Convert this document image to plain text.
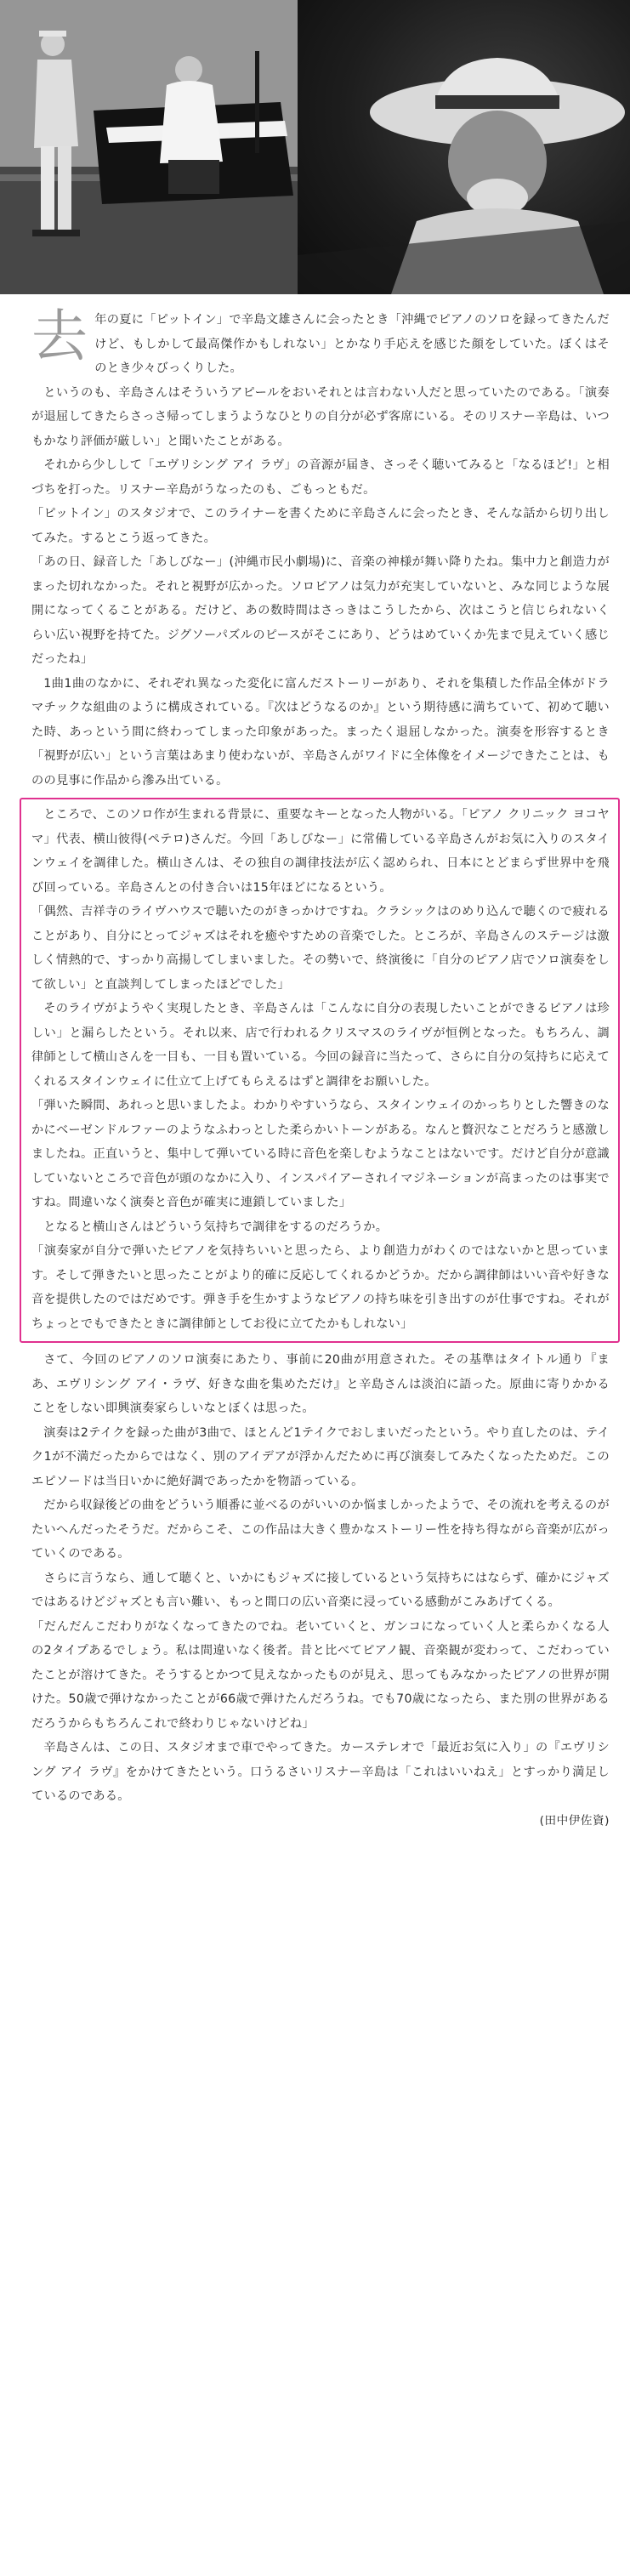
去年の夏に「ピットイン」で辛島文雄さんに会ったとき「沖縄でピアノのソロを録ってきたんだけど、もしかして最高傑作かもしれない」とかなり手応えを感じた顔をしていた。ぼくはそのとき少々びっくりした。

というのも、辛島さんはそういうアピールをおいそれとは言わない人だと思っていたのである。「演奏が退屈してきたらさっさ帰ってしまうようなひとりの自分が必ず客席にいる。そのリスナー辛島は、いつもかなり評価が厳しい」と聞いたことがある。

それから少しして「エヴリシング アイ ラヴ」の音源が届き、さっそく聴いてみると「なるほど!」と相づちを打った。リスナー辛島がうなったのも、ごもっともだ。

「ピットイン」のスタジオで、このライナーを書くために辛島さんに会ったとき、そんな話から切り出してみた。するとこう返ってきた。

「あの日、録音した「あしびなー」(沖縄市民小劇場)に、音楽の神様が舞い降りたね。集中力と創造力がまった切れなかった。それと視野が広かった。ソロピアノは気力が充実していないと、みな同じような展開になってくることがある。だけど、あの数時間はさっきはこうしたから、次はこうと信じられないくらい広い視野を持てた。ジグソーパズルのピースがそこにあり、どうはめていくか先まで見えていく感じだったね」

1曲1曲のなかに、それぞれ異なった変化に富んだストーリーがあり、それを集積した作品全体がドラマチックな組曲のように構成されている。『次はどうなるのか』という期待感に満ちていて、初めて聴いた時、あっという間に終わってしまった印象があった。まったく退屈しなかった。演奏を形容するとき「視野が広い」という言葉はあまり使わないが、辛島さんがワイドに全体像をイメージできたことは、ものの見事に作品から滲み出ている。

ところで、このソロ作が生まれる背景に、重要なキーとなった人物がいる。「ピアノ クリニック ヨコヤマ」代表、横山彼得(ペテロ)さんだ。今回「あしびなー」に常備している辛島さんがお気に入りのスタインウェイを調律した。横山さんは、その独自の調律技法が広く認められ、日本にとどまらず世界中を飛び回っている。辛島さんとの付き合いは15年ほどになるという。

「偶然、吉祥寺のライヴハウスで聴いたのがきっかけですね。クラシックはのめり込んで聴くので疲れることがあり、自分にとってジャズはそれを癒やすための音楽でした。ところが、辛島さんのステージは激しく情熱的で、すっかり高揚してしまいました。その勢いで、終演後に「自分のピアノ店でソロ演奏をして欲しい」と直談判してしまったほどでした」

そのライヴがようやく実現したとき、辛島さんは「こんなに自分の表現したいことができるピアノは珍しい」と漏らしたという。それ以来、店で行われるクリスマスのライヴが恒例となった。もちろん、調律師として横山さんを一目も、一目も置いている。今回の録音に当たって、さらに自分の気持ちに応えてくれるスタインウェイに仕立て上げてもらえるはずと調律をお願いした。

「弾いた瞬間、あれっと思いましたよ。わかりやすいうなら、スタインウェイのかっちりとした響きのなかにベーゼンドルファーのようなふわっとした柔らかいトーンがある。なんと贅沢なことだろうと感激しましたね。正直いうと、集中して弾いている時に音色を楽しむようなことはないです。だけど自分が意識していないところで音色が頭のなかに入り、インスパイアーされイマジネーションが高まったのは事実ですね。間違いなく演奏と音色が確実に連鎖していました」

となると横山さんはどういう気持ちで調律をするのだろうか。

「演奏家が自分で弾いたピアノを気持ちいいと思ったら、より創造力がわくのではないかと思っています。そして弾きたいと思ったことがより的確に反応してくれるかどうか。だから調律師はいい音や好きな音を提供したのではだめです。弾き手を生かすようなピアノの持ち味を引き出すのが仕事ですね。それがちょっとでもできたときに調律師としてお役に立てたかもしれない」

さて、今回のピアノのソロ演奏にあたり、事前に20曲が用意された。その基準はタイトル通り『まあ、エヴリシング アイ・ラヴ、好きな曲を集めただけ』と辛島さんは淡泊に語った。原曲に寄りかかることをしない即興演奏家らしいなとぼくは思った。

演奏は2テイクを録った曲が3曲で、ほとんど1テイクでおしまいだったという。やり直したのは、テイク1が不満だったからではなく、別のアイデアが浮かんだために再び演奏してみたくなったためだ。このエピソードは当日いかに絶好調であったかを物語っている。

だから収録後どの曲をどういう順番に並べるのがいいのか悩ましかったようで、その流れを考えるのがたいへんだったそうだ。だからこそ、この作品は大きく豊かなストーリー性を持ち得ながら音楽が広がっていくのである。

さらに言うなら、通して聴くと、いかにもジャズに接しているという気持ちにはならず、確かにジャズではあるけどジャズとも言い難い、もっと間口の広い音楽に浸っている感動がこみあげてくる。

「だんだんこだわりがなくなってきたのでね。老いていくと、ガンコになっていく人と柔らかくなる人の2タイプあるでしょう。私は間違いなく後者。昔と比べてピアノ観、音楽観が変わって、こだわっていたことが溶けてきた。そうするとかつて見えなかったものが見え、思ってもみなかったピアノの世界が開けた。50歳で弾けなかったことが66歳で弾けたんだろうね。でも70歳になったら、また別の世界があるだろうからもちろんこれで終わりじゃないけどね」

辛島さんは、この日、スタジオまで車でやってきた。カーステレオで「最近お気に入り」の『エヴリシング アイ ラヴ』をかけてきたという。口うるさいリスナー辛島は「これはいいねえ」とすっかり満足しているのである。

(田中伊佐資)
